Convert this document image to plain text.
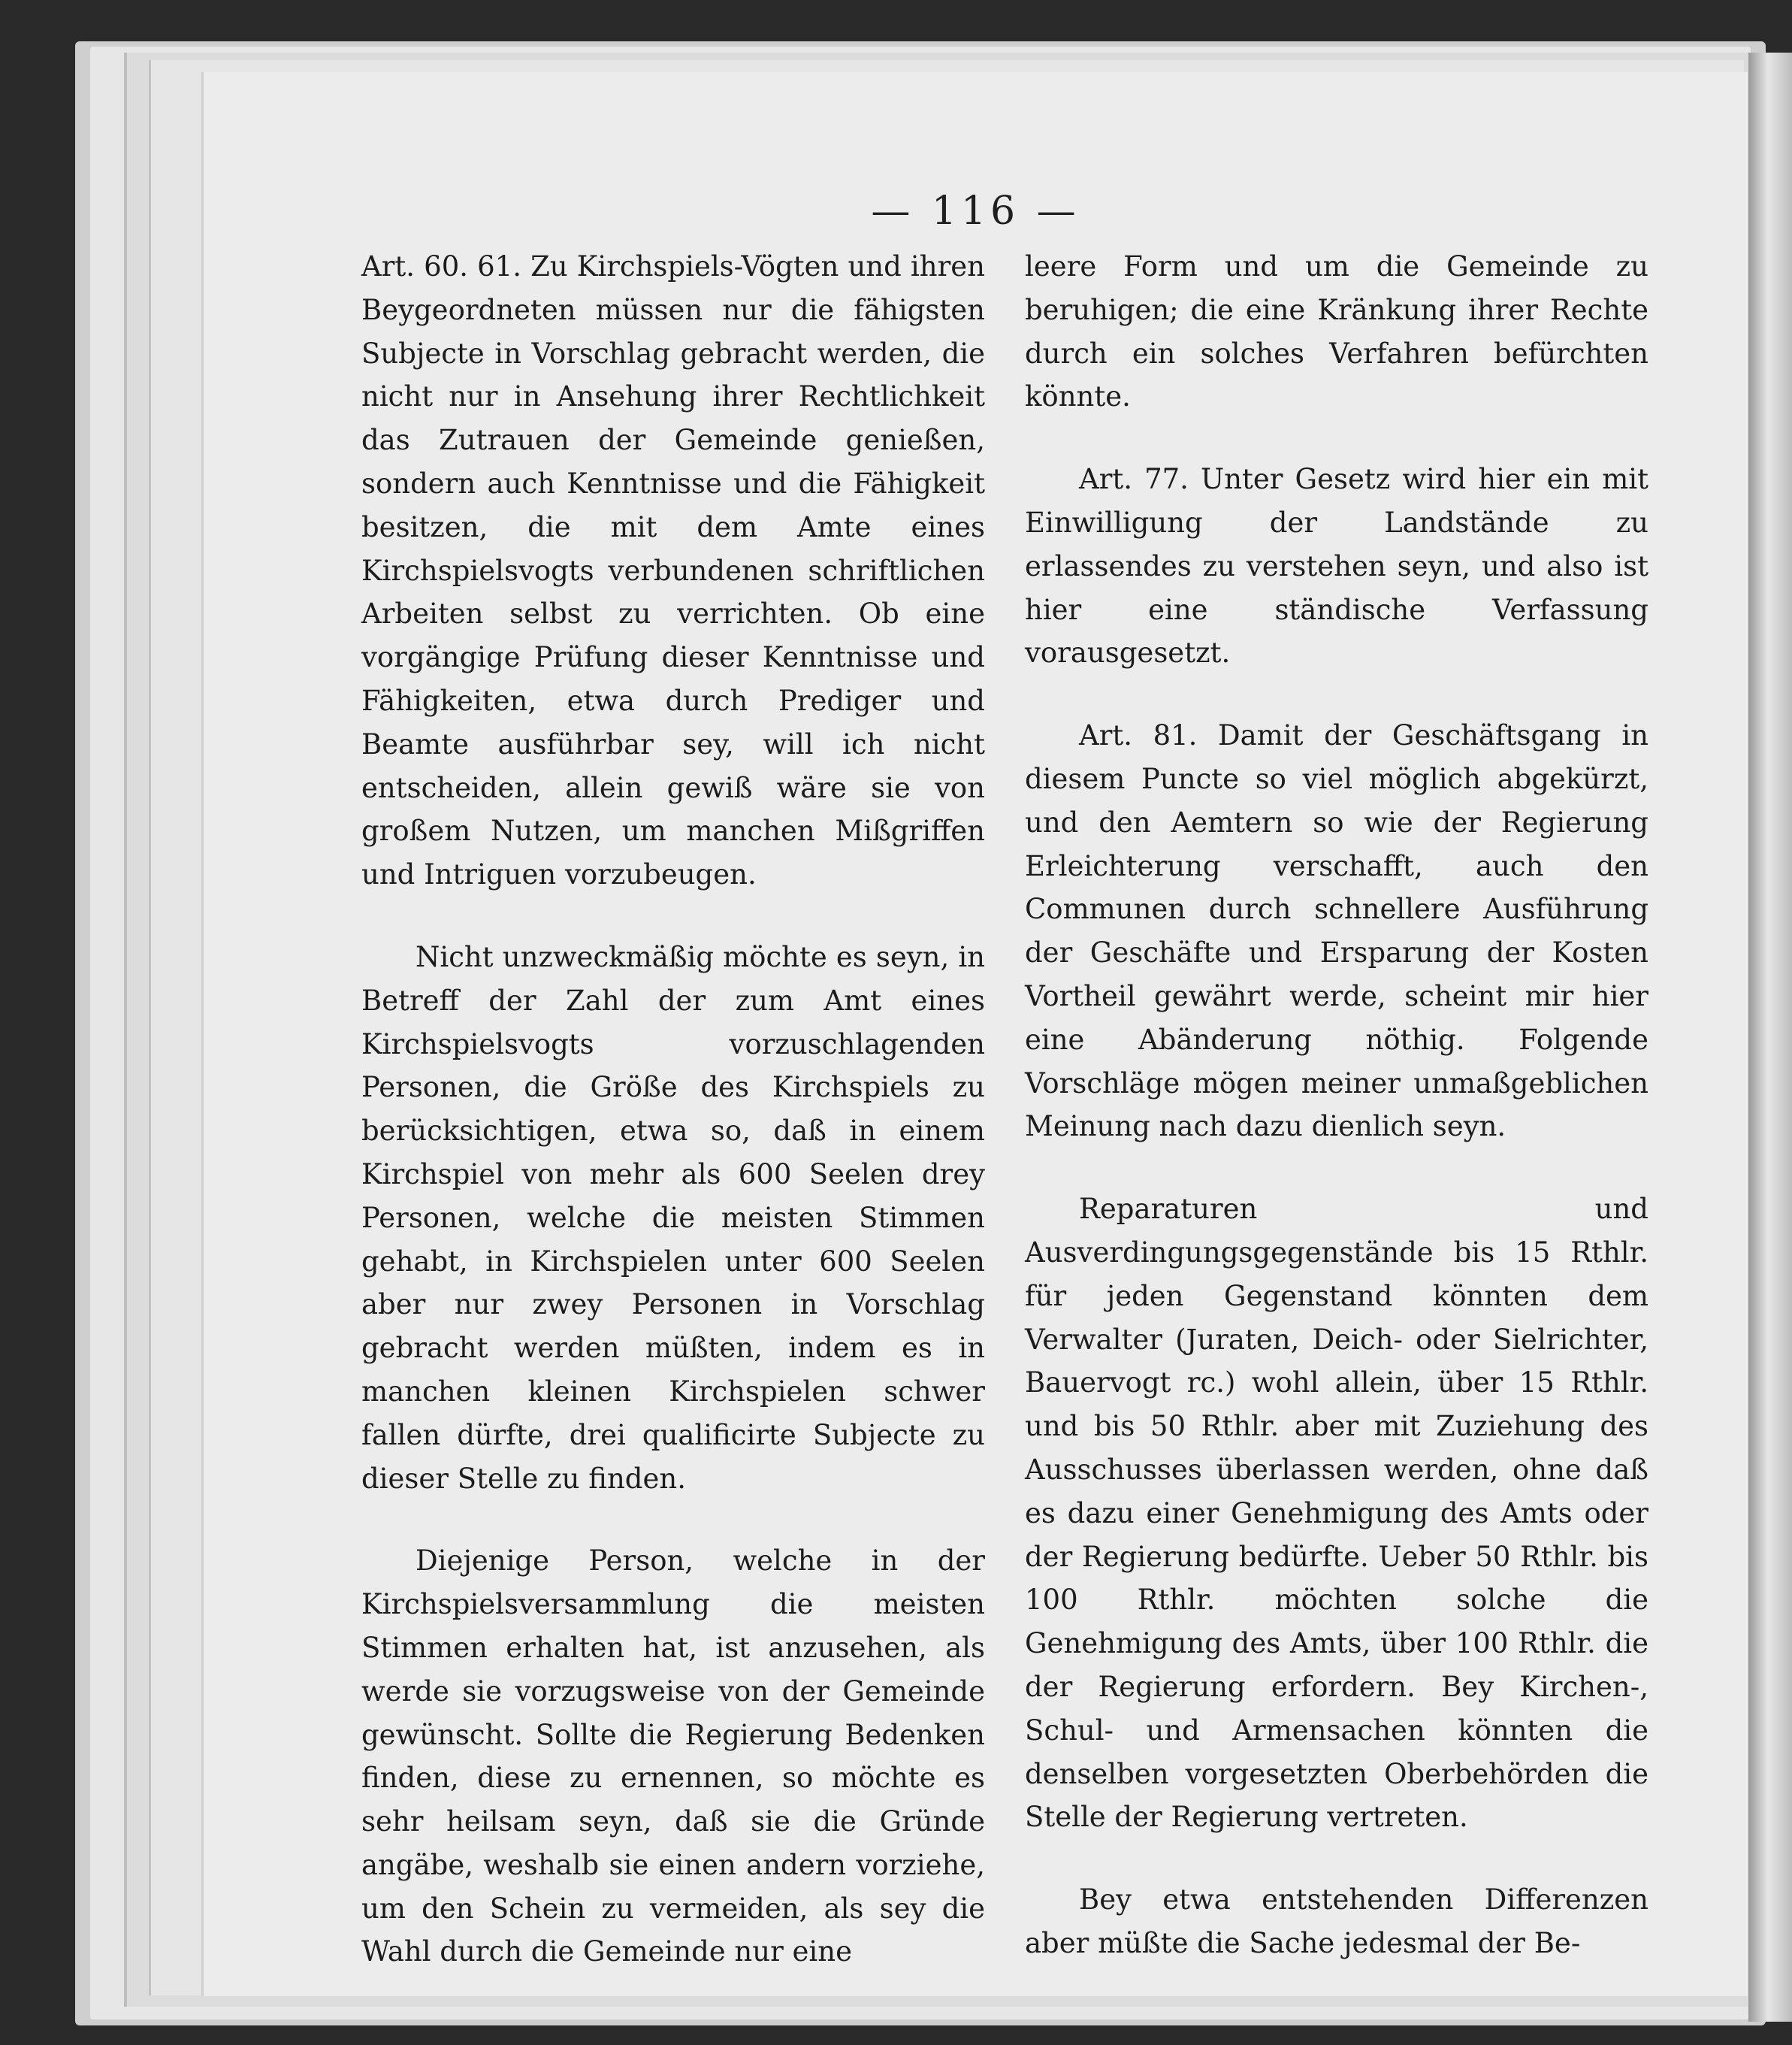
— 116 —

Art. 60. 61. Zu Kirchspiels-Vögten und ihren Beygeordneten müssen nur die fähigsten Subjecte in Vorschlag gebracht werden, die nicht nur in Ansehung ihrer Rechtlichkeit das Zutrauen der Gemeinde genießen, sondern auch Kenntnisse und die Fähigkeit besitzen, die mit dem Amte eines Kirchspielsvogts verbundenen schriftlichen Arbeiten selbst zu verrichten. Ob eine vorgängige Prüfung dieser Kenntnisse und Fähigkeiten, etwa durch Prediger und Beamte ausführbar sey, will ich nicht entscheiden, allein gewiß wäre sie von großem Nutzen, um manchen Mißgriffen und Intriguen vorzubeugen.

Nicht unzweckmäßig möchte es seyn, in Betreff der Zahl der zum Amt eines Kirchspielsvogts vorzuschlagenden Personen, die Größe des Kirchspiels zu berücksichtigen, etwa so, daß in einem Kirchspiel von mehr als 600 Seelen drey Personen, welche die meisten Stimmen gehabt, in Kirchspielen unter 600 Seelen aber nur zwey Personen in Vorschlag gebracht werden müßten, indem es in manchen kleinen Kirchspielen schwer fallen dürfte, drei qualificirte Subjecte zu dieser Stelle zu finden.

Diejenige Person, welche in der Kirchspielsversammlung die meisten Stimmen erhalten hat, ist anzusehen, als werde sie vorzugsweise von der Gemeinde gewünscht. Sollte die Regierung Bedenken finden, diese zu ernennen, so möchte es sehr heilsam seyn, daß sie die Gründe angäbe, weshalb sie einen andern vorziehe, um den Schein zu vermeiden, als sey die Wahl durch die Gemeinde nur eine

leere Form und um die Gemeinde zu beruhigen; die eine Kränkung ihrer Rechte durch ein solches Verfahren befürchten könnte.

Art. 77. Unter Gesetz wird hier ein mit Einwilligung der Landstände zu erlassendes zu verstehen seyn, und also ist hier eine ständische Verfassung vorausgesetzt.

Art. 81. Damit der Geschäftsgang in diesem Puncte so viel möglich abgekürzt, und den Aemtern so wie der Regierung Erleichterung verschafft, auch den Communen durch schnellere Ausführung der Geschäfte und Ersparung der Kosten Vortheil gewährt werde, scheint mir hier eine Abänderung nöthig. Folgende Vorschläge mögen meiner unmaßgeblichen Meinung nach dazu dienlich seyn.

Reparaturen und Ausverdingungsgegenstände bis 15 Rthlr. für jeden Gegenstand könnten dem Verwalter (Juraten, Deich- oder Sielrichter, Bauervogt rc.) wohl allein, über 15 Rthlr. und bis 50 Rthlr. aber mit Zuziehung des Ausschusses überlassen werden, ohne daß es dazu einer Genehmigung des Amts oder der Regierung bedürfte. Ueber 50 Rthlr. bis 100 Rthlr. möchten solche die Genehmigung des Amts, über 100 Rthlr. die der Regierung erfordern. Bey Kirchen-, Schul- und Armensachen könnten die denselben vorgesetzten Oberbehörden die Stelle der Regierung vertreten.

Bey etwa entstehenden Differenzen aber müßte die Sache jedesmal der Be-
